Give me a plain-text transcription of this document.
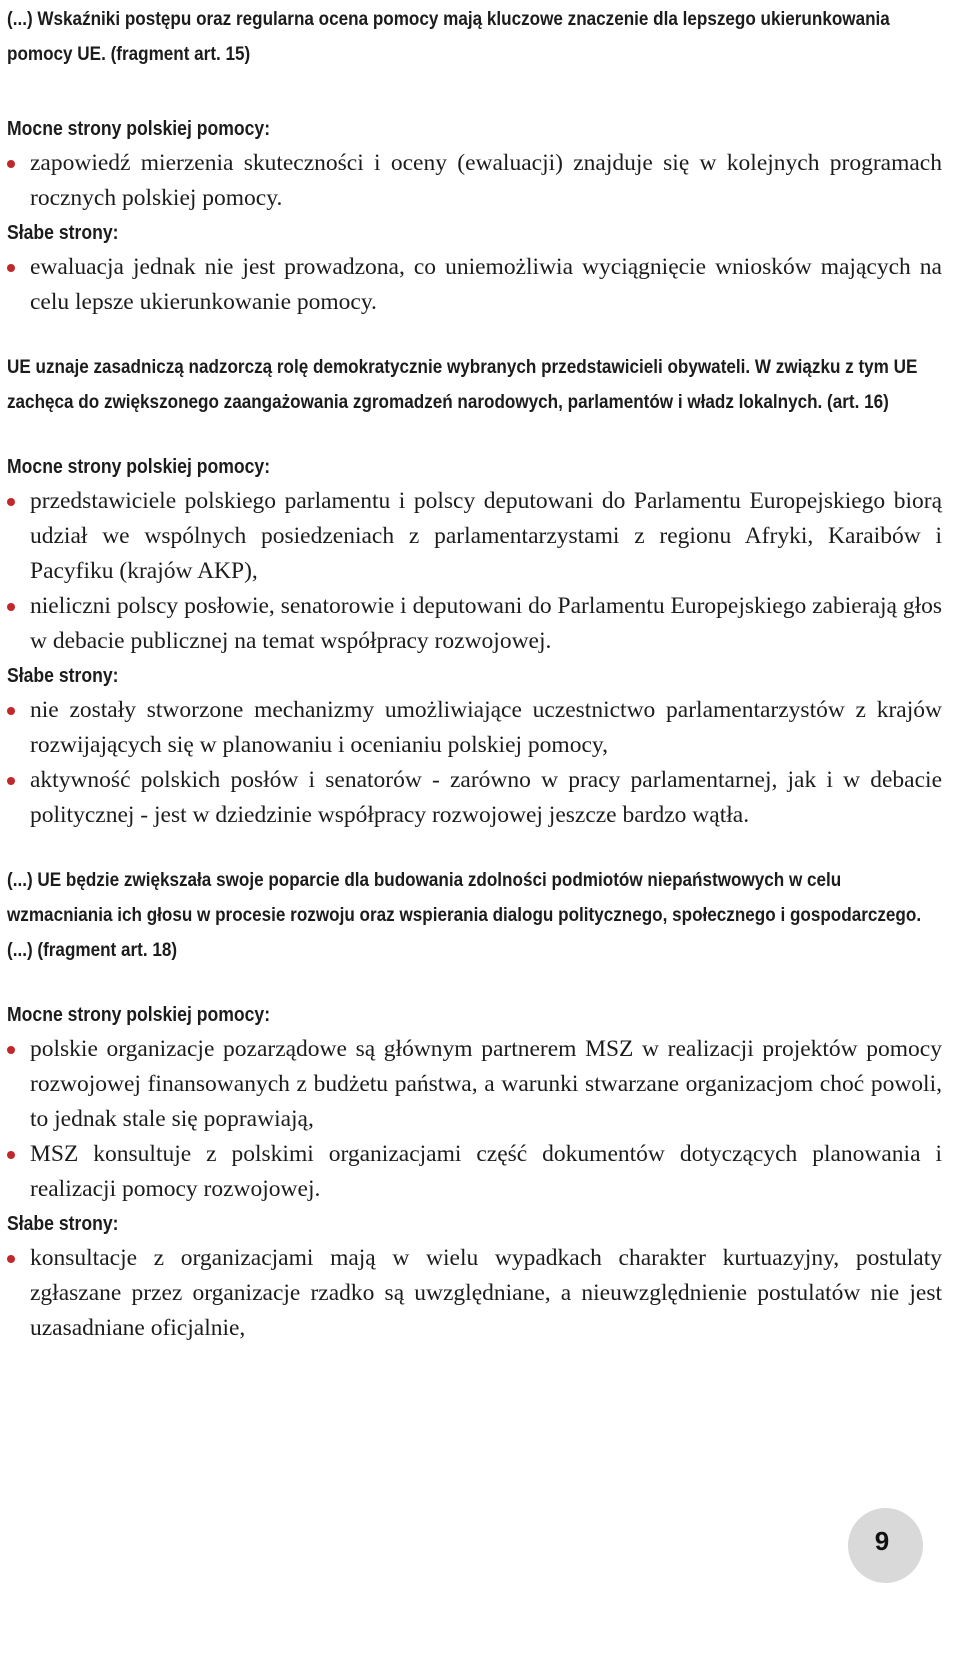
(...) Wskaźniki postępu oraz regularna ocena pomocy mają kluczowe znaczenie dla lepszego ukierunkowania pomocy UE. (fragment art. 15)

Mocne strony polskiej pomocy:
zapowiedź mierzenia skuteczności i oceny (ewaluacji) znajduje się w kolejnych programach rocznych polskiej pomocy.
Słabe strony:
ewaluacja jednak nie jest prowadzona, co uniemożliwia wyciągnięcie wniosków mających na celu lepsze ukierunkowanie pomocy.

UE uznaje zasadniczą nadzorczą rolę demokratycznie wybranych przedstawicieli obywateli. W związku z tym UE zachęca do zwiększonego zaangażowania zgromadzeń narodowych, parlamentów i władz lokalnych. (art. 16)

Mocne strony polskiej pomocy:
przedstawiciele polskiego parlamentu i polscy deputowani do Parlamentu Europejskiego biorą udział we wspólnych posiedzeniach z parlamentarzystami z regionu Afryki, Karaibów i Pacyfiku (krajów AKP),
nieliczni polscy posłowie, senatorowie i deputowani do Parlamentu Europejskiego zabierają głos w debacie publicznej na temat współpracy rozwojowej.
Słabe strony:
nie zostały stworzone mechanizmy umożliwiające uczestnictwo parlamentarzystów z krajów rozwijających się w planowaniu i ocenianiu polskiej pomocy,
aktywność polskich posłów i senatorów - zarówno w pracy parlamentarnej, jak i w debacie politycznej - jest w dziedzinie współpracy rozwojowej jeszcze bardzo wątła.

(...) UE będzie zwiększała swoje poparcie dla budowania zdolności podmiotów niepaństwowych w celu wzmacniania ich głosu w procesie rozwoju oraz wspierania dialogu politycznego, społecznego i gospodarczego. (...) (fragment art. 18)

Mocne strony polskiej pomocy:
polskie organizacje pozarządowe są głównym partnerem MSZ w realizacji projektów pomocy rozwojowej finansowanych z budżetu państwa, a warunki stwarzane organizacjom choć powoli, to jednak stale się poprawiają,
MSZ konsultuje z polskimi organizacjami część dokumentów dotyczących planowania i realizacji pomocy rozwojowej.
Słabe strony:
konsultacje z organizacjami mają w wielu wypadkach charakter kurtuazyjny, postulaty zgłaszane przez organizacje rzadko są uwzględniane, a nieuwzględnienie postulatów nie jest uzasadniane oficjalnie,
9
